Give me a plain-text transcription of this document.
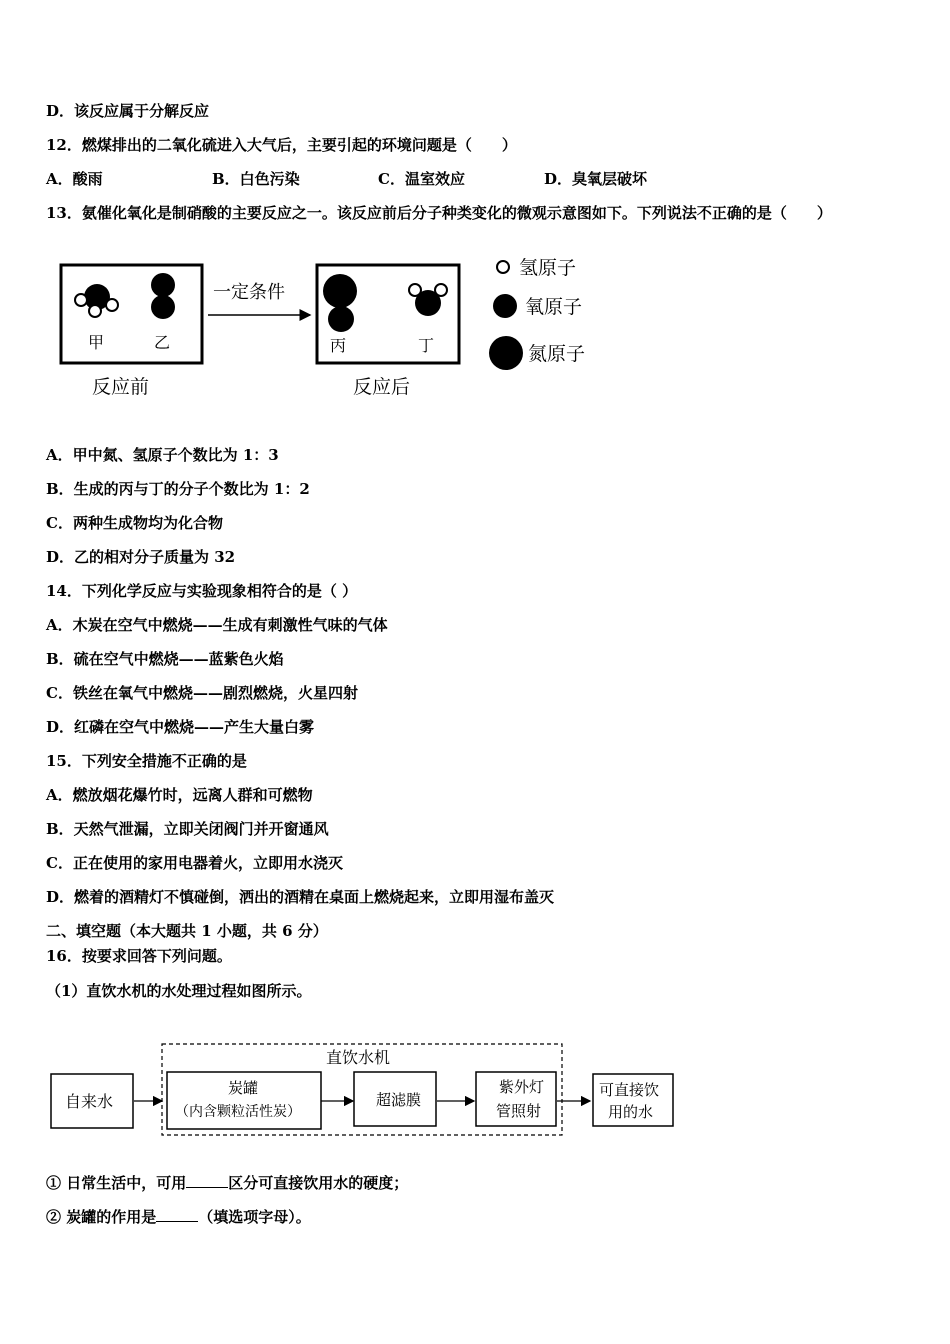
D．该反应属于分解反应
12．燃煤排出的二氧化硫进入大气后，主要引起的环境问题是（　　）
A．酸雨	B．白色污染	C．温室效应	D．臭氧层破坏
13．氨催化氧化是制硝酸的主要反应之一。该反应前后分子种类变化的微观示意图如下。下列说法不正确的是（　　）
甲	乙
一定条件
丙	丁
反应前	反应后
氢原子
氧原子
氮原子
A．甲中氮、氢原子个数比为 1：3
B．生成的丙与丁的分子个数比为 1：2
C．两种生成物均为化合物
D．乙的相对分子质量为 32
14．下列化学反应与实验现象相符合的是（ ）
A．木炭在空气中燃烧——生成有刺激性气味的气体
B．硫在空气中燃烧——蓝紫色火焰
C．铁丝在氧气中燃烧——剧烈燃烧，火星四射
D．红磷在空气中燃烧——产生大量白雾
15．下列安全措施不正确的是
A．燃放烟花爆竹时，远离人群和可燃物
B．天然气泄漏，立即关闭阀门并开窗通风
C．正在使用的家用电器着火，立即用水浇灭
D．燃着的酒精灯不慎碰倒，洒出的酒精在桌面上燃烧起来，立即用湿布盖灭
二、填空题（本大题共 1 小题，共 6 分）
16．按要求回答下列问题。
（1）直饮水机的水处理过程如图所示。
直饮水机
自来水
炭罐
（内含颗粒活性炭）
超滤膜
紫外灯
管照射
可直接饮
用的水
① 日常生活中，可用	区分可直接饮用水的硬度；
② 炭罐的作用是	（填选项字母）。
